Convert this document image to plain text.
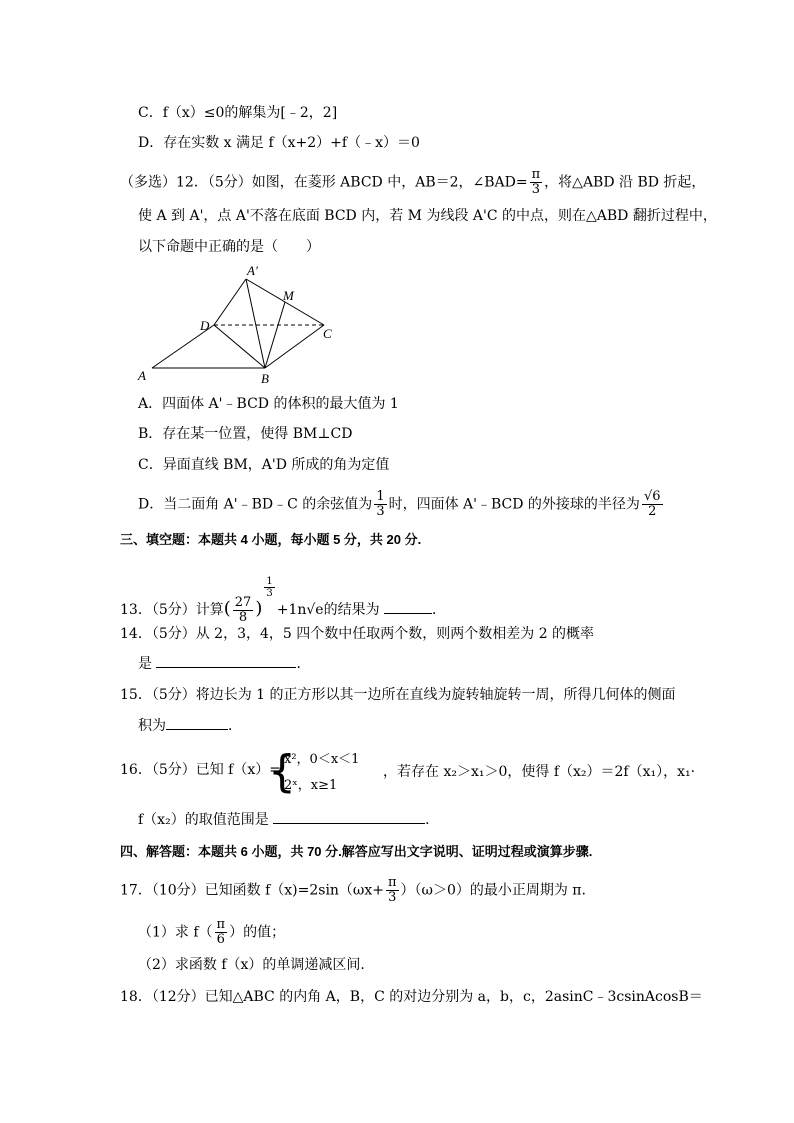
C．f（x）≤0的解集为[﹣2，2]
D．存在实数 x 满足 f（x+2）+f（﹣x）＝0
（多选）12．（5分）如图，在菱形 ABCD 中，AB＝2，∠BAD= $\frac{\pi}{3}$ ，将△ABD 沿 BD 折起，
使 A 到 A'，点 A'不落在底面 BCD 内，若 M 为线段 A'C 的中点，则在△ABD 翻折过程中，
以下命题中正确的是（　　）
A'
M
D
C
A	B
A．四面体 A'﹣BCD 的体积的最大值为 1
B．存在某一位置，使得 BM⊥CD
C．异面直线 BM，A'D 所成的角为定值
D．当二面角 A'﹣BD﹣C 的余弦值为 $\frac{1}{3}$ 时，四面体 A'﹣BCD 的外接球的半径为 $\frac{√6}{2}$
三、填空题：本题共 4 小题，每小题 5 分，共 20 分.
13．（5分）计算( $\frac{27}{8}$ )
$\frac{1}{3}$
+1n√e的结果为	．
14．（5分）从 2，3，4，5 四个数中任取两个数，则两个数相差为 2 的概率
是	．
15．（5分）将边长为 1 的正方形以其一边所在直线为旋转轴旋转一周，所得几何体的侧面
积为	．
16．（5分）已知 f（x）=
{
x²，0＜x＜1
2ˣ，x≥1
，若存在 x₂＞x₁＞0，使得 f（x₂）＝2f（x₁），x₁·
f（x₂）的取值范围是	．
四、解答题：本题共 6 小题，共 70 分.解答应写出文字说明、证明过程或演算步骤.
17．（10分）已知函数 $f(x)=2\sin(\omega x+ \frac{\pi}{3} )(\omega>0)$的最小正周期为 π.
（1）求 $f( \frac{\pi}{6}$ ）的值；
（2）求函数 f（x）的单调递减区间.
18．（12分）已知△ABC 的内角 A，B，C 的对边分别为 a，b，c，2asinC﹣3csinAcosB＝
